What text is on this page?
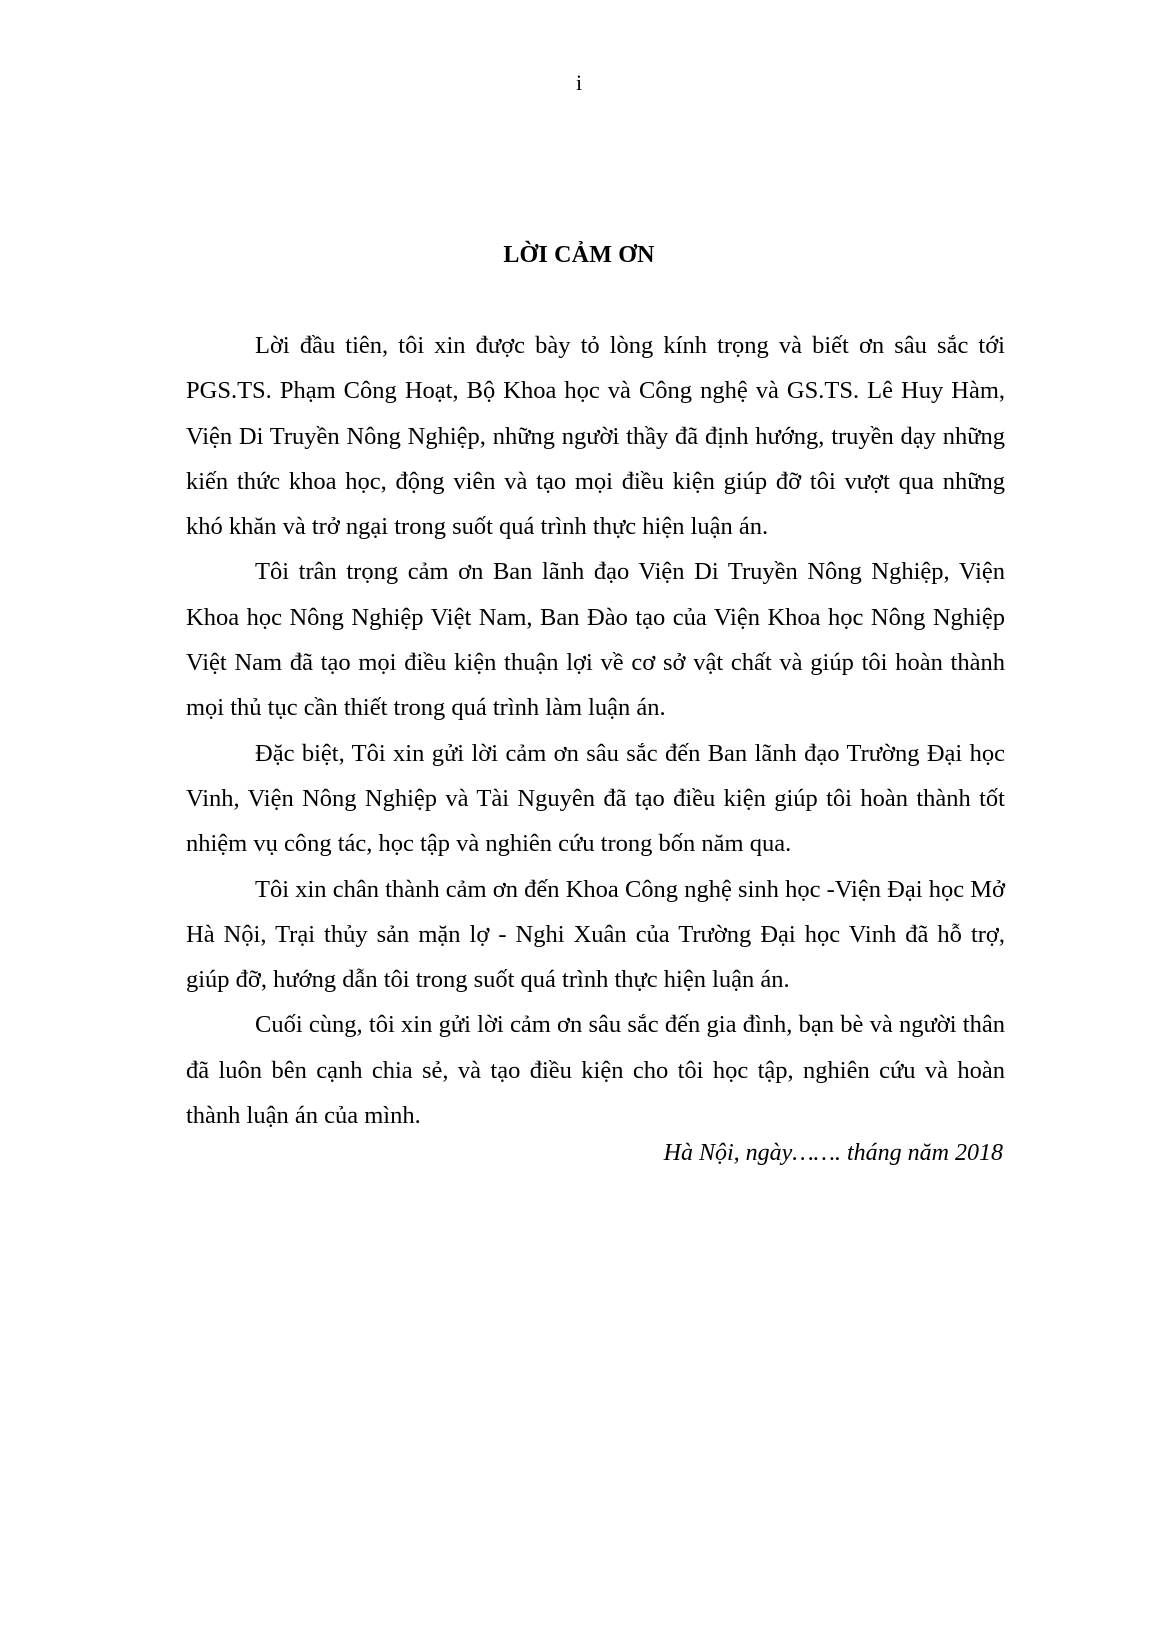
i
LỜI CẢM ƠN

Lời đầu tiên, tôi xin được bày tỏ lòng kính trọng và biết ơn sâu sắc tới PGS.TS. Phạm Công Hoạt, Bộ Khoa học và Công nghệ và GS.TS. Lê Huy Hàm, Viện Di Truyền Nông Nghiệp, những người thầy đã định hướng, truyền dạy những kiến thức khoa học, động viên và tạo mọi điều kiện giúp đỡ tôi vượt qua những khó khăn và trở ngại trong suốt quá trình thực hiện luận án.

Tôi trân trọng cảm ơn Ban lãnh đạo Viện Di Truyền Nông Nghiệp, Viện Khoa học Nông Nghiệp Việt Nam, Ban Đào tạo của Viện Khoa học Nông Nghiệp Việt Nam đã tạo mọi điều kiện thuận lợi về cơ sở vật chất và giúp tôi hoàn thành mọi thủ tục cần thiết trong quá trình làm luận án.

Đặc biệt, Tôi xin gửi lời cảm ơn sâu sắc đến Ban lãnh đạo Trường Đại học Vinh, Viện Nông Nghiệp và Tài Nguyên đã tạo điều kiện giúp tôi hoàn thành tốt nhiệm vụ công tác, học tập và nghiên cứu trong bốn năm qua.

Tôi xin chân thành cảm ơn đến Khoa Công nghệ sinh học -Viện Đại học Mở Hà Nội, Trại thủy sản mặn lợ - Nghi Xuân của Trường Đại học Vinh đã hỗ trợ, giúp đỡ, hướng dẫn tôi trong suốt quá trình thực hiện luận án.

Cuối cùng, tôi xin gửi lời cảm ơn sâu sắc đến gia đình, bạn bè và người thân đã luôn bên cạnh chia sẻ, và tạo điều kiện cho tôi học tập, nghiên cứu và hoàn thành luận án của mình.

Hà Nội, ngày……. tháng năm 2018
